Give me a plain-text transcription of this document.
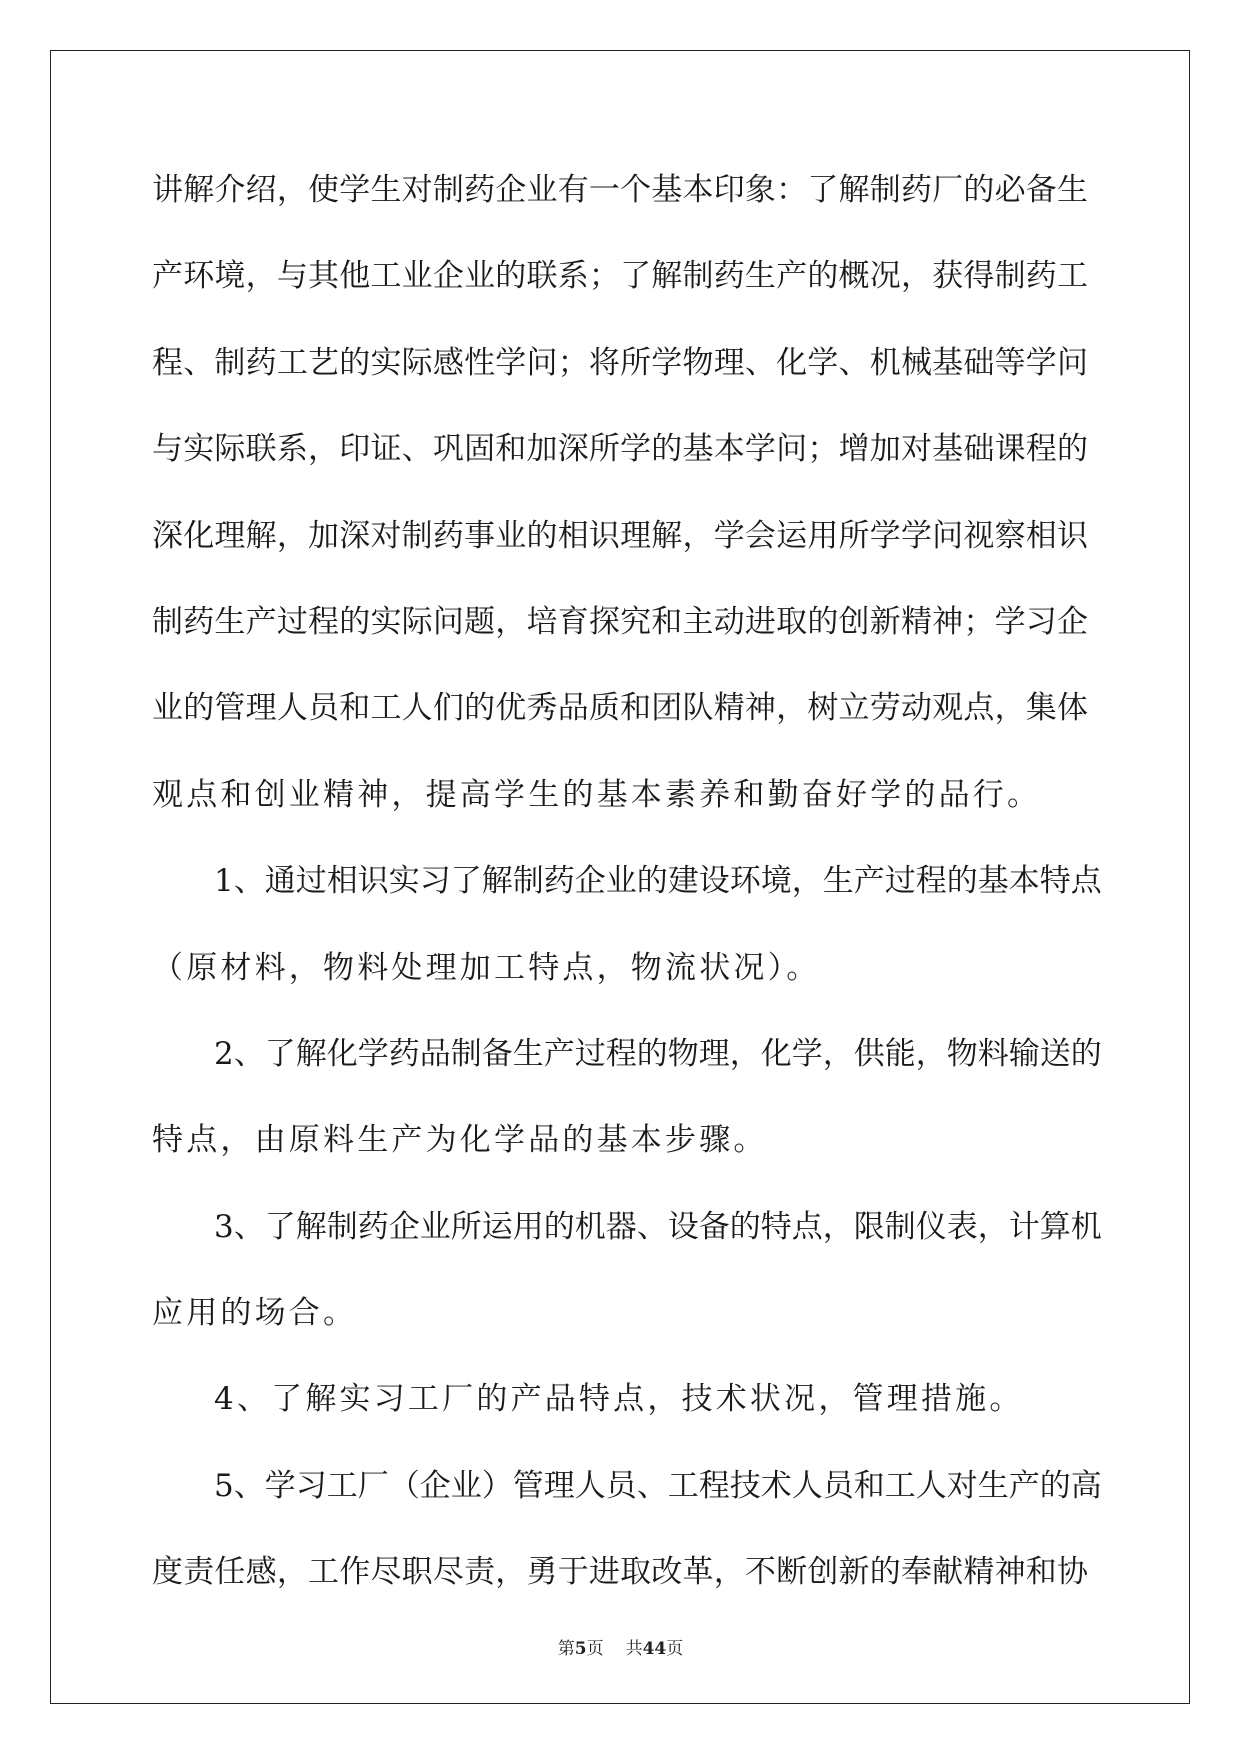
讲解介绍，使学生对制药企业有一个基本印象：了解制药厂的必备生
产环境，与其他工业企业的联系；了解制药生产的概况，获得制药工
程、制药工艺的实际感性学问；将所学物理、化学、机械基础等学问
与实际联系，印证、巩固和加深所学的基本学问；增加对基础课程的
深化理解，加深对制药事业的相识理解，学会运用所学学问视察相识
制药生产过程的实际问题，培育探究和主动进取的创新精神；学习企
业的管理人员和工人们的优秀品质和团队精神，树立劳动观点，集体
观点和创业精神，提高学生的基本素养和勤奋好学的品行。
1、通过相识实习了解制药企业的建设环境，生产过程的基本特点
（原材料，物料处理加工特点，物流状况）。
2、了解化学药品制备生产过程的物理，化学，供能，物料输送的
特点，由原料生产为化学品的基本步骤。
3、了解制药企业所运用的机器、设备的特点，限制仪表，计算机
应用的场合。
4、了解实习工厂的产品特点，技术状况，管理措施。
5、学习工厂（企业）管理人员、工程技术人员和工人对生产的高
度责任感，工作尽职尽责，勇于进取改革，不断创新的奉献精神和协
第5页 共44页
